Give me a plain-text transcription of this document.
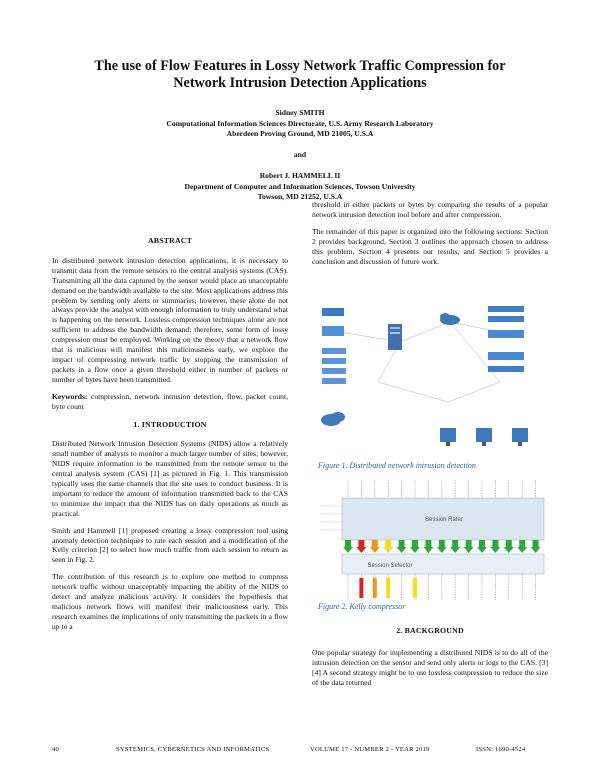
The use of Flow Features in Lossy Network Traffic Compression for
Network Intrusion Detection Applications
Sidney SMITH
Computational Information Sciences Directorate, U.S. Army Research Laboratory
Aberdeen Proving Ground, MD 21005, U.S.A
and
Robert J. HAMMELL II
Department of Computer and Information Sciences, Towson University
Towson, MD 21252, U.S.A
ABSTRACT

In distributed network intrusion detection applications, it is necessary to transmit data from the remote sensors to the central analysis systems (CAS). Transmitting all the data captured by the sensor would place an unacceptable demand on the bandwidth available to the site. Most applications address this problem by sending only alerts or summaries; however, these alone do not always provide the analyst with enough information to truly understand what is happening on the network. Lossless compression techniques alone are not sufficient to address the bandwidth demand; therefore, some form of lossy compression must be employed. Working on the theory that a network flow that is malicious will manifest this maliciousness early, we explore the impact of compressing network traffic by stopping the transmission of packets in a flow once a given threshold either in number of packets or number of bytes have been transmitted.

Keywords: compression, network intrusion detection, flow, packet count, byte count

1. INTRODUCTION

Distributed Network Intrusion Detection Systems (NIDS) allow a relatively small number of analysts to monitor a much larger number of sites; however, NIDS require information to be transmitted from the remote sensor to the central analysis system (CAS) [1] as pictured in Fig. 1. This transmission typically uses the same channels that the site uses to conduct business. It is important to reduce the amount of information transmitted back to the CAS to minimize the impact that the NIDS has on daily operations as much as practical.

Smith and Hammell [1] proposed creating a lossy compression tool using anomaly detection techniques to rate each session and a modification of the Kelly criterion [2] to select how much traffic from each session to return as seen in Fig. 2.

The contribution of this research is to explore one method to compress network traffic without unacceptably impacting the ability of the NIDS to detect and analyze malicious activity. It considers the hypothesis that malicious network flows will manifest their maliciousness early. This research examines the implications of only transmitting the packets in a flow up to a

threshold in either packets or bytes by comparing the results of a popular network intrusion detection tool before and after compression.

The remainder of this paper is organized into the following sections: Section 2 provides background, Section 3 outlines the approach chosen to address this problem, Section 4 presents our results, and Section 5 provides a conclusion and discussion of future work.

Figure 1. Distributed network intrusion detection
Session Rater
Session Selector
Figure 2. Kelly compressor
2. BACKGROUND

One popular strategy for implementing a distributed NIDS is to do all of the intrusion detection on the sensor and send only alerts or logs to the CAS. [3] [4] A second strategy might be to use lossless compression to reduce the size of the data returned

40	SYSTEMICS, CYBERNETICS AND INFORMATICS	VOLUME 17 - NUMBER 2 - YEAR 2019	ISSN: 1690-4524
